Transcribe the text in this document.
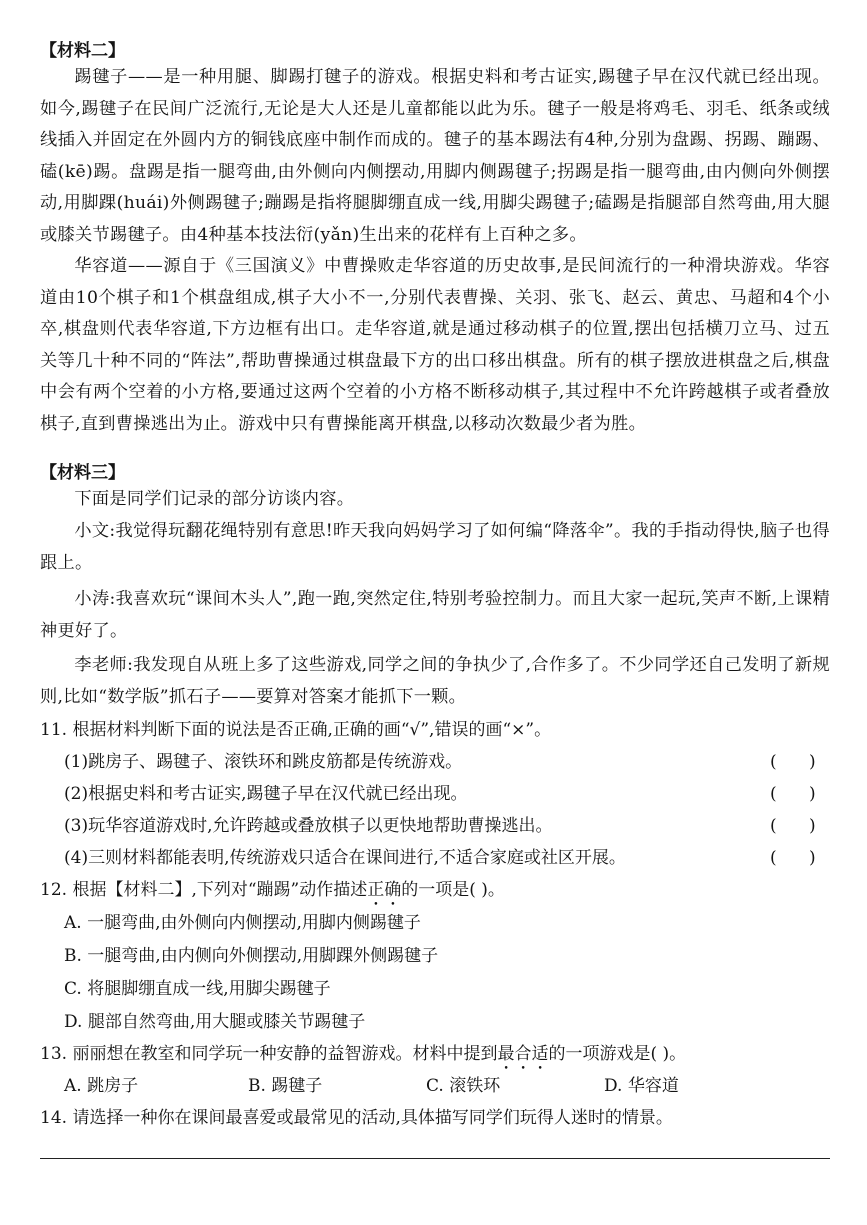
【材料二】

踢毽子——是一种用腿、脚踢打毽子的游戏。根据史料和考古证实,踢毽子早在汉代就已经出现。如今,踢毽子在民间广泛流行,无论是大人还是儿童都能以此为乐。毽子一般是将鸡毛、羽毛、纸条或绒线插入并固定在外圆内方的铜钱底座中制作而成的。毽子的基本踢法有4种,分别为盘踢、拐踢、蹦踢、磕(kē)踢。盘踢是指一腿弯曲,由外侧向内侧摆动,用脚内侧踢毽子;拐踢是指一腿弯曲,由内侧向外侧摆动,用脚踝(huái)外侧踢毽子;蹦踢是指将腿脚绷直成一线,用脚尖踢毽子;磕踢是指腿部自然弯曲,用大腿或膝关节踢毽子。由4种基本技法衍(yǎn)生出来的花样有上百种之多。

华容道——源自于《三国演义》中曹操败走华容道的历史故事,是民间流行的一种滑块游戏。华容道由10个棋子和1个棋盘组成,棋子大小不一,分别代表曹操、关羽、张飞、赵云、黄忠、马超和4个小卒,棋盘则代表华容道,下方边框有出口。走华容道,就是通过移动棋子的位置,摆出包括横刀立马、过五关等几十种不同的“阵法”,帮助曹操通过棋盘最下方的出口移出棋盘。所有的棋子摆放进棋盘之后,棋盘中会有两个空着的小方格,要通过这两个空着的小方格不断移动棋子,其过程中不允许跨越棋子或者叠放棋子,直到曹操逃出为止。游戏中只有曹操能离开棋盘,以移动次数最少者为胜。

【材料三】

下面是同学们记录的部分访谈内容。

小文:我觉得玩翻花绳特别有意思!昨天我向妈妈学习了如何编“降落伞”。我的手指动得快,脑子也得跟上。

小涛:我喜欢玩“课间木头人”,跑一跑,突然定住,特别考验控制力。而且大家一起玩,笑声不断,上课精神更好了。

李老师:我发现自从班上多了这些游戏,同学之间的争执少了,合作多了。不少同学还自己发明了新规则,比如“数学版”抓石子——要算对答案才能抓下一颗。

11. 根据材料判断下面的说法是否正确,正确的画“√”,错误的画“×”。
(1)跳房子、踢毽子、滚铁环和跳皮筋都是传统游戏。	(      )
(2)根据史料和考古证实,踢毽子早在汉代就已经出现。	(      )
(3)玩华容道游戏时,允许跨越或叠放棋子以更快地帮助曹操逃出。	(      )
(4)三则材料都能表明,传统游戏只适合在课间进行,不适合家庭或社区开展。	(      )
12. 根据【材料二】,下列对“蹦踢”动作描述正确的一项是( )。
A. 一腿弯曲,由外侧向内侧摆动,用脚内侧踢毽子
B. 一腿弯曲,由内侧向外侧摆动,用脚踝外侧踢毽子
C. 将腿脚绷直成一线,用脚尖踢毽子
D. 腿部自然弯曲,用大腿或膝关节踢毽子
13. 丽丽想在教室和同学玩一种安静的益智游戏。材料中提到最合适的一项游戏是( )。
A. 跳房子	B. 踢毽子	C. 滚铁环	D. 华容道
14. 请选择一种你在课间最喜爱或最常见的活动,具体描写同学们玩得人迷时的情景。
